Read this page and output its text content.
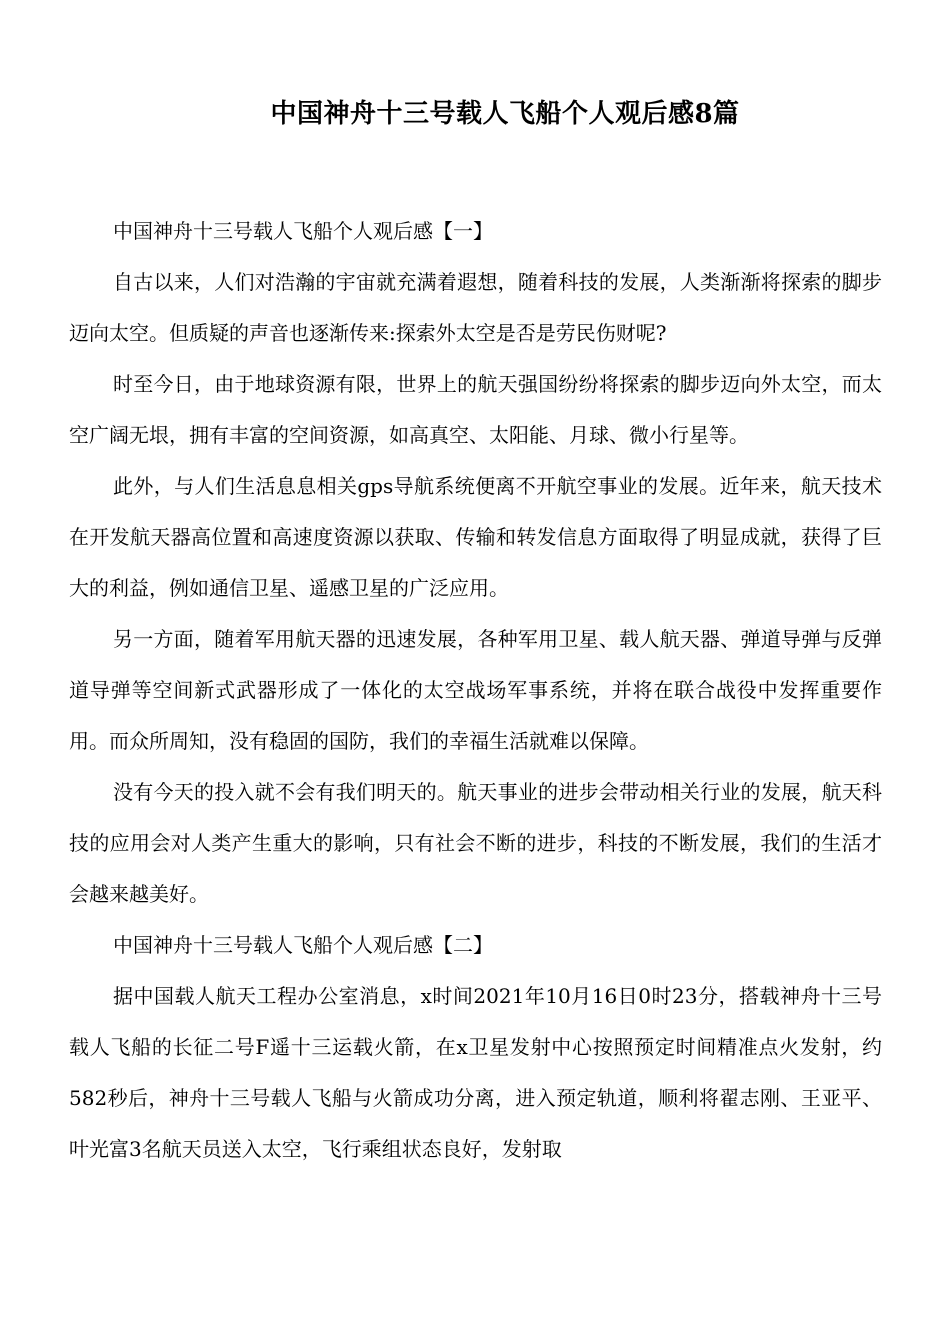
中国神舟十三号载人飞船个人观后感8篇

中国神舟十三号载人飞船个人观后感【一】

自古以来，人们对浩瀚的宇宙就充满着遐想，随着科技的发展，人类渐渐将探索的脚步迈向太空。但质疑的声音也逐渐传来:探索外太空是否是劳民伤财呢?

时至今日，由于地球资源有限，世界上的航天强国纷纷将探索的脚步迈向外太空，而太空广阔无垠，拥有丰富的空间资源，如高真空、太阳能、月球、微小行星等。

此外，与人们生活息息相关gps导航系统便离不开航空事业的发展。近年来，航天技术在开发航天器高位置和高速度资源以获取、传输和转发信息方面取得了明显成就，获得了巨大的利益，例如通信卫星、遥感卫星的广泛应用。

另一方面，随着军用航天器的迅速发展，各种军用卫星、载人航天器、弹道导弹与反弹道导弹等空间新式武器形成了一体化的太空战场军事系统，并将在联合战役中发挥重要作用。而众所周知，没有稳固的国防，我们的幸福生活就难以保障。

没有今天的投入就不会有我们明天的。航天事业的进步会带动相关行业的发展，航天科技的应用会对人类产生重大的影响，只有社会不断的进步，科技的不断发展，我们的生活才会越来越美好。

中国神舟十三号载人飞船个人观后感【二】

据中国载人航天工程办公室消息，x时间2021年10月16日0时23分，搭载神舟十三号载人飞船的长征二号F遥十三运载火箭，在x卫星发射中心按照预定时间精准点火发射，约582秒后，神舟十三号载人飞船与火箭成功分离，进入预定轨道，顺利将翟志刚、王亚平、叶光富3名航天员送入太空，飞行乘组状态良好，发射取
